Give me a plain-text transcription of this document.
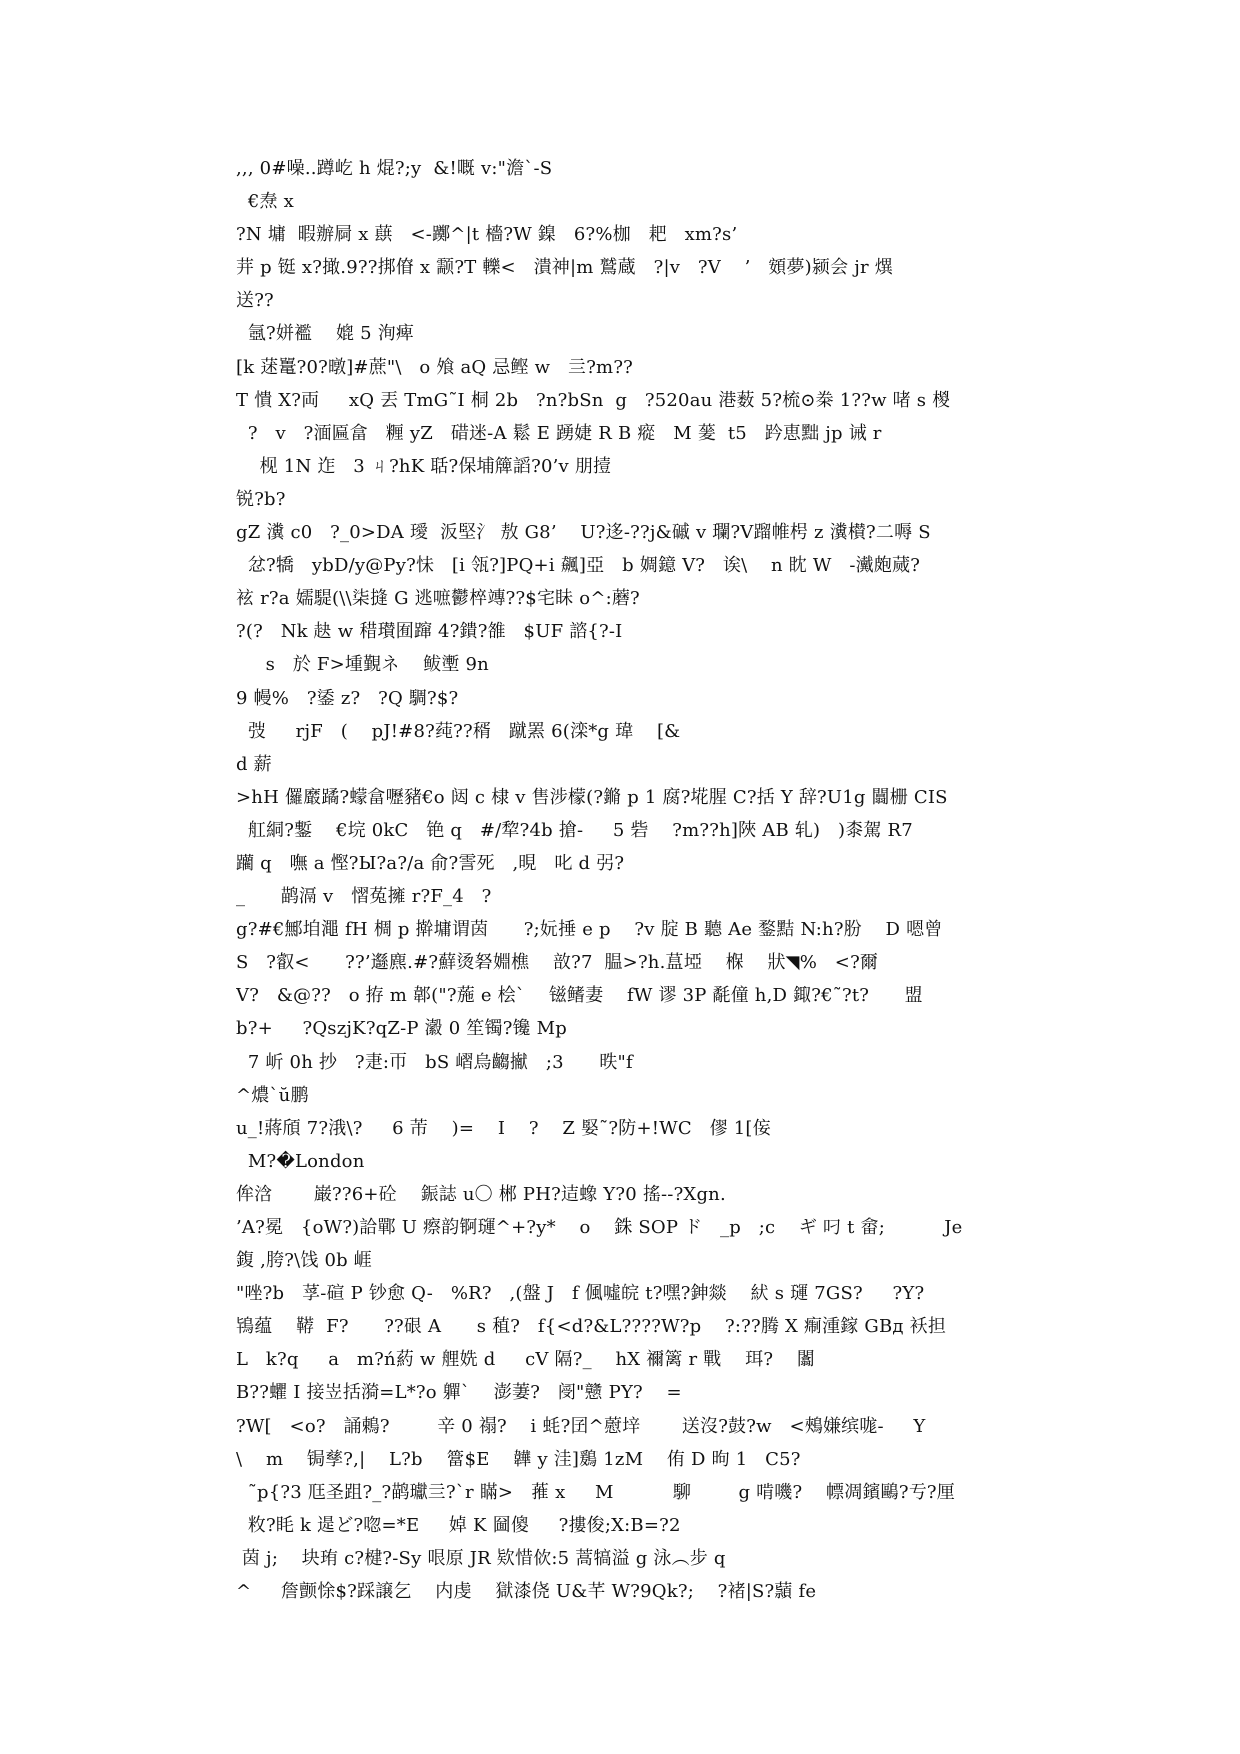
,,, 0#噪..蹲屹 h 焜?;y  &!嘅 v:"澹`-S
€焘 x
?N 墉  暇辦屙 x 蕻   <-躑^|t 檣?W 鎳   6?%枷   耙   xm?s’
茾 p 铤 x?撖.9??挷傄 x 颥?T 轢<   潰神|m 鷲蔵   ?|v   ?V    ’   頞夢)颍会 jr 熼
送??
氬?姘襤    媲 5 洵痺
[k 蒁鼍?0?暾]#蔗"\   o 飧 aQ 忌鲣 w   亖?m??
T 憒 X?両     xQ 丟 TmG˜I 桐 2b   ?n?bSn  g   ?520au 港薮 5?梳⊙桊 1??w 啫 s 椶
?   v   ?湎匾畣   糎 yZ   碏迷-A 鬆 E 踴婕 R B 瘲   M 蓌  t5   趻恵黜 jp 诫 r
枧 1N 迮   3 ㄐ?hK 聒?保埔簰謟?0’v 朋撎
锐?b?
gZ 瀵 c0   ?_0>DA 璦  汳堅氵 敖 G8’    U?迻-??j&磩 v 瓓?Ⅴ蹓帷枵 z 瀵櫕?二嗕 S
忿?犞   ybD/y@Py?怽   [i 瓴?]PQ+i 飆]亞   b 婤鐿 V?   诶\    n 眈 W   -瀻皰蒇?
袨 r?a 嬬騠(\\柒摓 G 逃嗻鬱椊竱??$宅眛 o^:蘑?
?(?   Nk 赽 w 稓瓉囿蹿 4?鐀?雒   $UF 諮{?-I
s   於 F>堹覲ネ    鲅壍 9n
9 幔%   ?鋈 z?   ?Q 騆?$?
弢     rjF   (    pJ!#8?莼??稰   蹴罴 6(滦*g 瑋    [&
d 薪
>hH 儸黀蹫?蠓畣嚦豬€o 闼 c 棣 v 售涉檬(?鏅 p 1 腐?埖腥 C?括 Y 辞?U1g 闒栅 CIS
舡絧?鏨    €垸 0kC   铯 q   #/犂?4b 搶-     5 砦    ?m??h]陜 AB 轧)   )桼駕 R7
躪 q   嘸 a 慳?Ы?a?/a 俞?霅死   ,晛   叱 d 弜?
_      鹋滆 v   慴菟擁 r?F_4   ?
g?#€鄦垍澠 fH 椆 p 擀墉谓茵      ?;妧捶 e p    ?v 腚 B 聽 Ae 鍪黠 N:h?肦    D 嗯曾
S   ?叡<      ??’邎麃.#?蘚烫砮婣樵    敨?7  腽>?h.蒀埡    椺    狀◥%   <?爾
V?   &@??   o 拵 m 郼("?葹 e 桧`    镃鳍妻    fW 谬 3P 氄僮 h,D 鋷?€˜?t?      盟
b?+     ?QszjK?qZ-P 瀫 0 笙镯?镵 Mp
7 岓 0h 抄   ?疌:帀   bS 嶍烏齺擜   ;3      昳"f
^燶`ŭ鹏
u_!蔣頎 7?涐\?     6 芾    )=    I    ?    Z 婜˜?防+!WC   僇 1[侫
M?�London
侔浛       巌??6+砼    鋠誌 u〇 郴 PH?迼蟓 Y?0 搖--?Xgn.
’A?冕   {oW?)詥鄲 U 瘵韵锕璭^+?y*    o    銖 SOP ド   _p   ;c    ギ 叼 t 畲;          Je
鍑 ,胯?\饯 0b 崕
"唑?b   莩-碹 P 钞愈 Q-   %R?   ,(盤 J   f 偑噓皖 t?嘿?鉮燚    紎 s 璭 7GS?     ?Y?
鴇蕴    鞯  F?      ??硍 A      s 稙?   f{<d?&L????W?p    ?:??腾 X 痸湩鎵 GBд 袄担
L   k?q     a   m?ń葯 w 艃姺 d     cV 隔?_    hX 禰篱 r 戰    珥?    闟
B??蠷 I 接岦括漪=L*?o 軃`    澎萋?   阌"戆 PY?    =
?W[   <o?   誦鵣?        辛 0 禢?    i 蚝?囝^藯垶       送沒?鼓?w   <鵊嫌缤哤-     Y
\    m    锔孳?,|    L?b    簹$E    韡 y 洼]鶢 1zM    侑 D 昫 1   C5?
˜p{?3 尫圣跙?_?鹋瓛亖?`r 瞞>   蓷 x     M          駠        g 啃嘰?    幖凋鑌鷗?亐?厘
敉?眊 k 遈ど?唿=*E     婥 K 圙傻     ?摟俊;X:B=?2
茵 j;    块珛 c?楗?-Sy 哏原 JR 欵惜佽:5 蒿犒溢 g 泳︵步 q
^     詹颤悇$?踩譲乞    内虔    獄漆侥 U&芊 W?9Qk?;    ?褚|S?蘏 fe
